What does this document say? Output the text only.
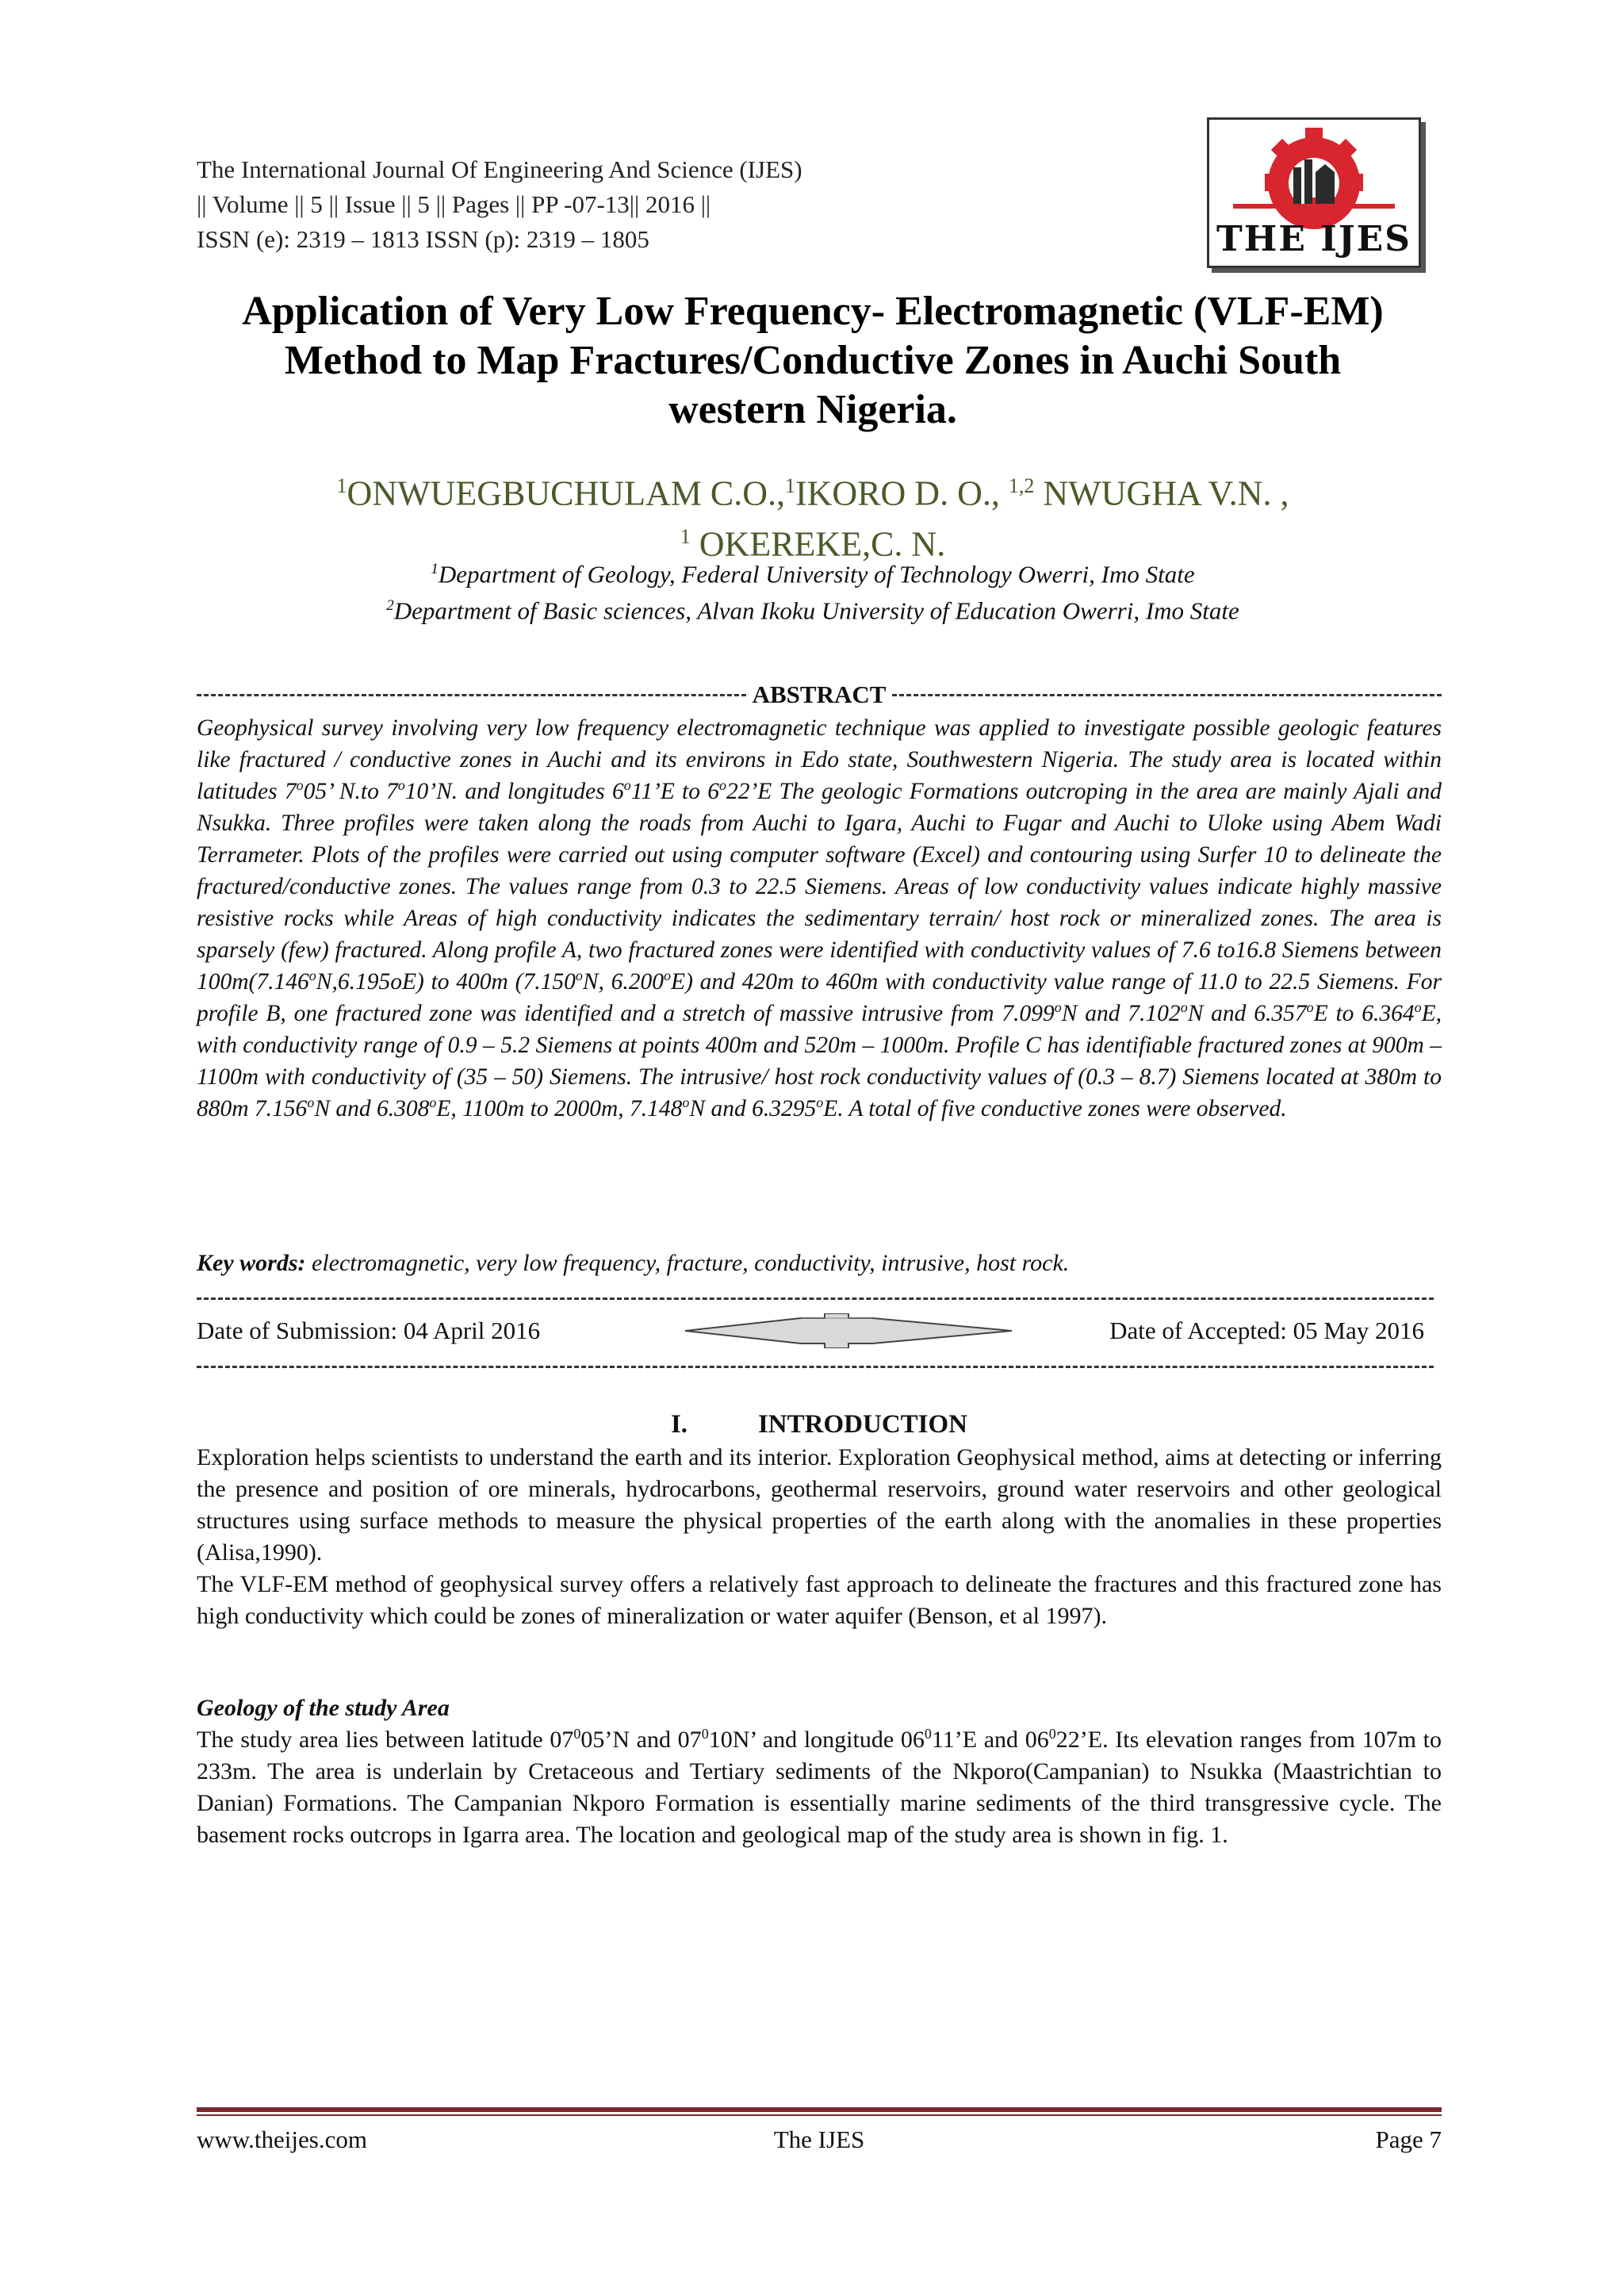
The International Journal Of Engineering And Science (IJES)
|| Volume || 5 || Issue || 5 || Pages || PP -07-13|| 2016 ||
ISSN (e): 2319 – 1813 ISSN (p): 2319 – 1805	THE IJES
Application of Very Low Frequency- Electromagnetic (VLF-EM)
Method to Map Fractures/Conductive Zones in Auchi South
western Nigeria.
$^1$ONWUEGBUCHULAM C.O.,$^1$IKORO D. O., $^{1,2}$ NWUGHA V.N. ,
$^1$ OKEREKE,C. N.
$^1$Department of Geology, Federal University of Technology Owerri, Imo State
$^2$Department of Basic sciences, Alvan Ikoku University of Education Owerri, Imo State
ABSTRACT
Geophysical survey involving very low frequency electromagnetic technique was applied to investigate possible geologic features like fractured / conductive zones in Auchi and its environs in Edo state, Southwestern Nigeria. The study area is located within latitudes 7$^o$05’ N.to 7$^o$10’N. and longitudes 6$^o$11’E to 6$^o$22’E The geologic Formations outcroping in the area are mainly Ajali and Nsukka. Three profiles were taken along the roads from Auchi to Igara, Auchi to Fugar and Auchi to Uloke using Abem Wadi Terrameter. Plots of the profiles were carried out using computer software (Excel) and contouring using Surfer 10 to delineate the fractured/conductive zones. The values range from 0.3 to 22.5 Siemens. Areas of low conductivity values indicate highly massive resistive rocks while Areas of high conductivity indicates the sedimentary terrain/ host rock or mineralized zones. The area is sparsely (few) fractured. Along profile A, two fractured zones were identified with conductivity values of 7.6 to16.8 Siemens between 100m(7.146$^o$N,6.195oE) to 400m (7.150$^o$N, 6.200$^o$E) and 420m to 460m with conductivity value range of 11.0 to 22.5 Siemens. For profile B, one fractured zone was identified and a stretch of massive intrusive from 7.099$^o$N and 7.102$^o$N and 6.357$^o$E to 6.364$^o$E, with conductivity range of 0.9 – 5.2 Siemens at points 400m and 520m – 1000m. Profile C has identifiable fractured zones at 900m – 1100m with conductivity of (35 – 50) Siemens. The intrusive/ host rock conductivity values of (0.3 – 8.7) Siemens located at 380m to 880m 7.156$^o$N and 6.308$^o$E, 1100m to 2000m, 7.148$^o$N and 6.3295$^o$E. A total of five conductive zones were observed.
Key words: electromagnetic, very low frequency, fracture, conductivity, intrusive, host rock.
Date of Submission: 04 April 2016	Date of Accepted: 05 May 2016
I.	INTRODUCTION
Exploration helps scientists to understand the earth and its interior. Exploration Geophysical method, aims at detecting or inferring the presence and position of ore minerals, hydrocarbons, geothermal reservoirs, ground water reservoirs and other geological structures using surface methods to measure the physical properties of the earth along with the anomalies in these properties (Alisa,1990).
The VLF-EM method of geophysical survey offers a relatively fast approach to delineate the fractures and this fractured zone has high conductivity which could be zones of mineralization or water aquifer (Benson, et al 1997).
Geology of the study Area
The study area lies between latitude $07^005’N$ and $07^010N$’ and longitude $06^011’E$ and $06^022’E$. Its elevation ranges from 107m to 233m. The area is underlain by Cretaceous and Tertiary sediments of the Nkporo(Campanian) to Nsukka (Maastrichtian to Danian) Formations. The Campanian Nkporo Formation is essentially marine sediments of the third transgressive cycle. The basement rocks outcrops in Igarra area. The location and geological map of the study area is shown in fig. 1.
www.theijes.com	The IJES	Page 7
